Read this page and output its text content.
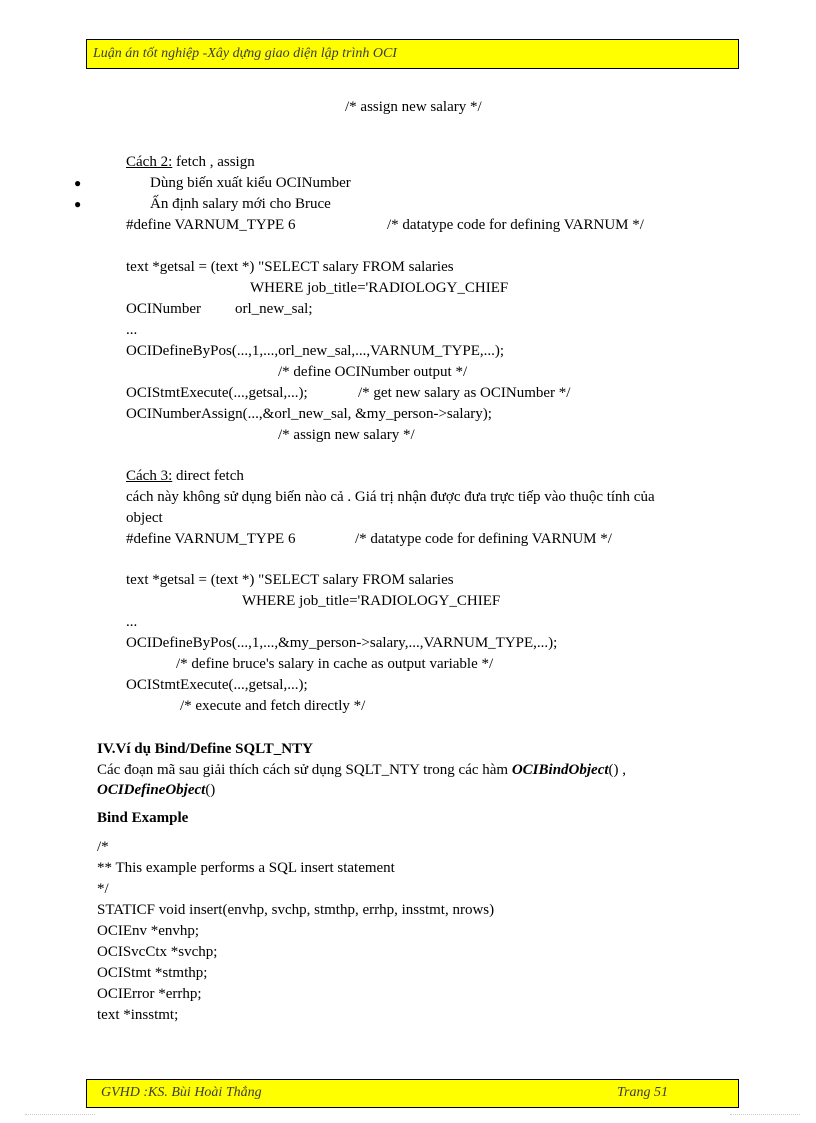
Luận án tốt nghiệp -Xây dựng giao diện lập trình OCI
/* assign new salary */
Cách 2: fetch , assign
●	Dùng biến xuất kiểu OCINumber
●	Ấn định salary mới cho Bruce
#define VARNUM_TYPE 6	/* datatype code for defining VARNUM */
text *getsal = (text *) "SELECT salary FROM salaries
WHERE job_title='RADIOLOGY_CHIEF
OCINumber orl_new_sal;
...
OCIDefineByPos(...,1,...,orl_new_sal,...,VARNUM_TYPE,...);
/* define OCINumber output */
OCIStmtExecute(...,getsal,...);	/* get new salary as OCINumber */
OCINumberAssign(...,&orl_new_sal, &my_person->salary);
/* assign new salary */
Cách 3: direct fetch
cách này không sử dụng biến nào cả . Giá trị nhận được đưa trực tiếp vào thuộc tính của
object
#define VARNUM_TYPE 6	/* datatype code for defining VARNUM */
text *getsal = (text *) "SELECT salary FROM salaries
WHERE job_title='RADIOLOGY_CHIEF
...
OCIDefineByPos(...,1,...,&my_person->salary,...,VARNUM_TYPE,...);
/* define bruce's salary in cache as output variable */
OCIStmtExecute(...,getsal,...);
/* execute and fetch directly */
IV.Ví dụ Bind/Define SQLT_NTY
Các đoạn mã sau giải thích cách sử dụng SQLT_NTY trong các hàm OCIBindObject() , OCIDefineObject()
Bind Example
/*
** This example performs a SQL insert statement
*/
STATICF void insert(envhp, svchp, stmthp, errhp, insstmt, nrows)
OCIEnv *envhp;
OCISvcCtx *svchp;
OCIStmt *stmthp;
OCIError *errhp;
text *insstmt;
GVHD :KS. Bùi Hoài Thắng	Trang 51
